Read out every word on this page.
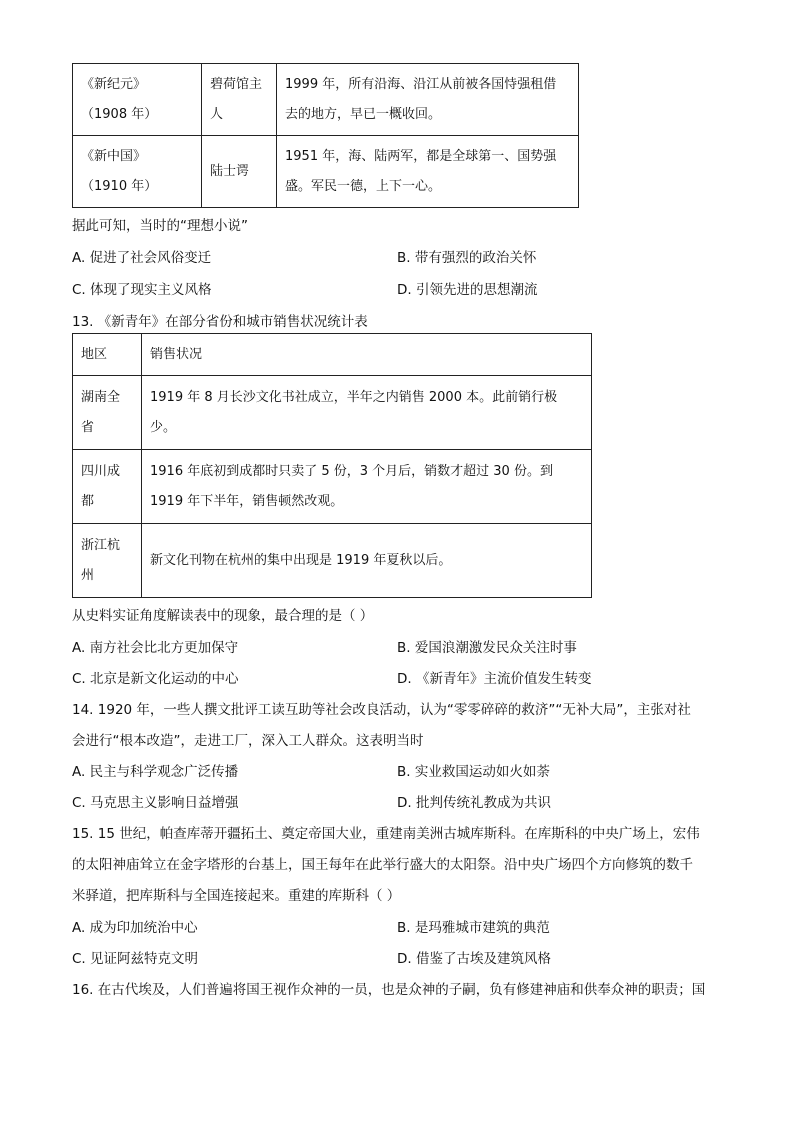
《新纪元》
（1908 年）	碧荷馆主
人	1999 年，所有沿海、沿江从前被各国恃强租借
去的地方，早已一概收回。

《新中国》
（1910 年）	陆士谔	1951 年，海、陆两军，都是全球第一、国势强
盛。军民一德，上下一心。
据此可知，当时的“理想小说”
A. 促进了社会风俗变迁	B. 带有强烈的政治关怀
C. 体现了现实主义风格	D. 引领先进的思想潮流
13. 《新青年》在部分省份和城市销售状况统计表
地区	销售状况

湖南全
省	1919 年 8 月长沙文化书社成立，半年之内销售 2000 本。此前销行极
少。

四川成
都	1916 年底初到成都时只卖了 5 份，3 个月后，销数才超过 30 份。到
1919 年下半年，销售顿然改观。

浙江杭
州	新文化刊物在杭州的集中出现是 1919 年夏秋以后。
从史料实证角度解读表中的现象，最合理的是（ ）
A. 南方社会比北方更加保守	B. 爱国浪潮激发民众关注时事
C. 北京是新文化运动的中心	D. 《新青年》主流价值发生转变
14. 1920 年，一些人撰文批评工读互助等社会改良活动，认为“零零碎碎的救济”“无补大局”，主张对社
会进行“根本改造”，走进工厂，深入工人群众。这表明当时
A. 民主与科学观念广泛传播	B. 实业救国运动如火如荼
C. 马克思主义影响日益增强	D. 批判传统礼教成为共识
15. 15 世纪，帕查库蒂开疆拓土、奠定帝国大业，重建南美洲古城库斯科。在库斯科的中央广场上，宏伟
的太阳神庙耸立在金字塔形的台基上，国王每年在此举行盛大的太阳祭。沿中央广场四个方向修筑的数千
米驿道，把库斯科与全国连接起来。重建的库斯科（ ）
A. 成为印加统治中心	B. 是玛雅城市建筑的典范
C. 见证阿兹特克文明	D. 借鉴了古埃及建筑风格
16. 在古代埃及，人们普遍将国王视作众神的一员，也是众神的子嗣，负有修建神庙和供奉众神的职责；国
